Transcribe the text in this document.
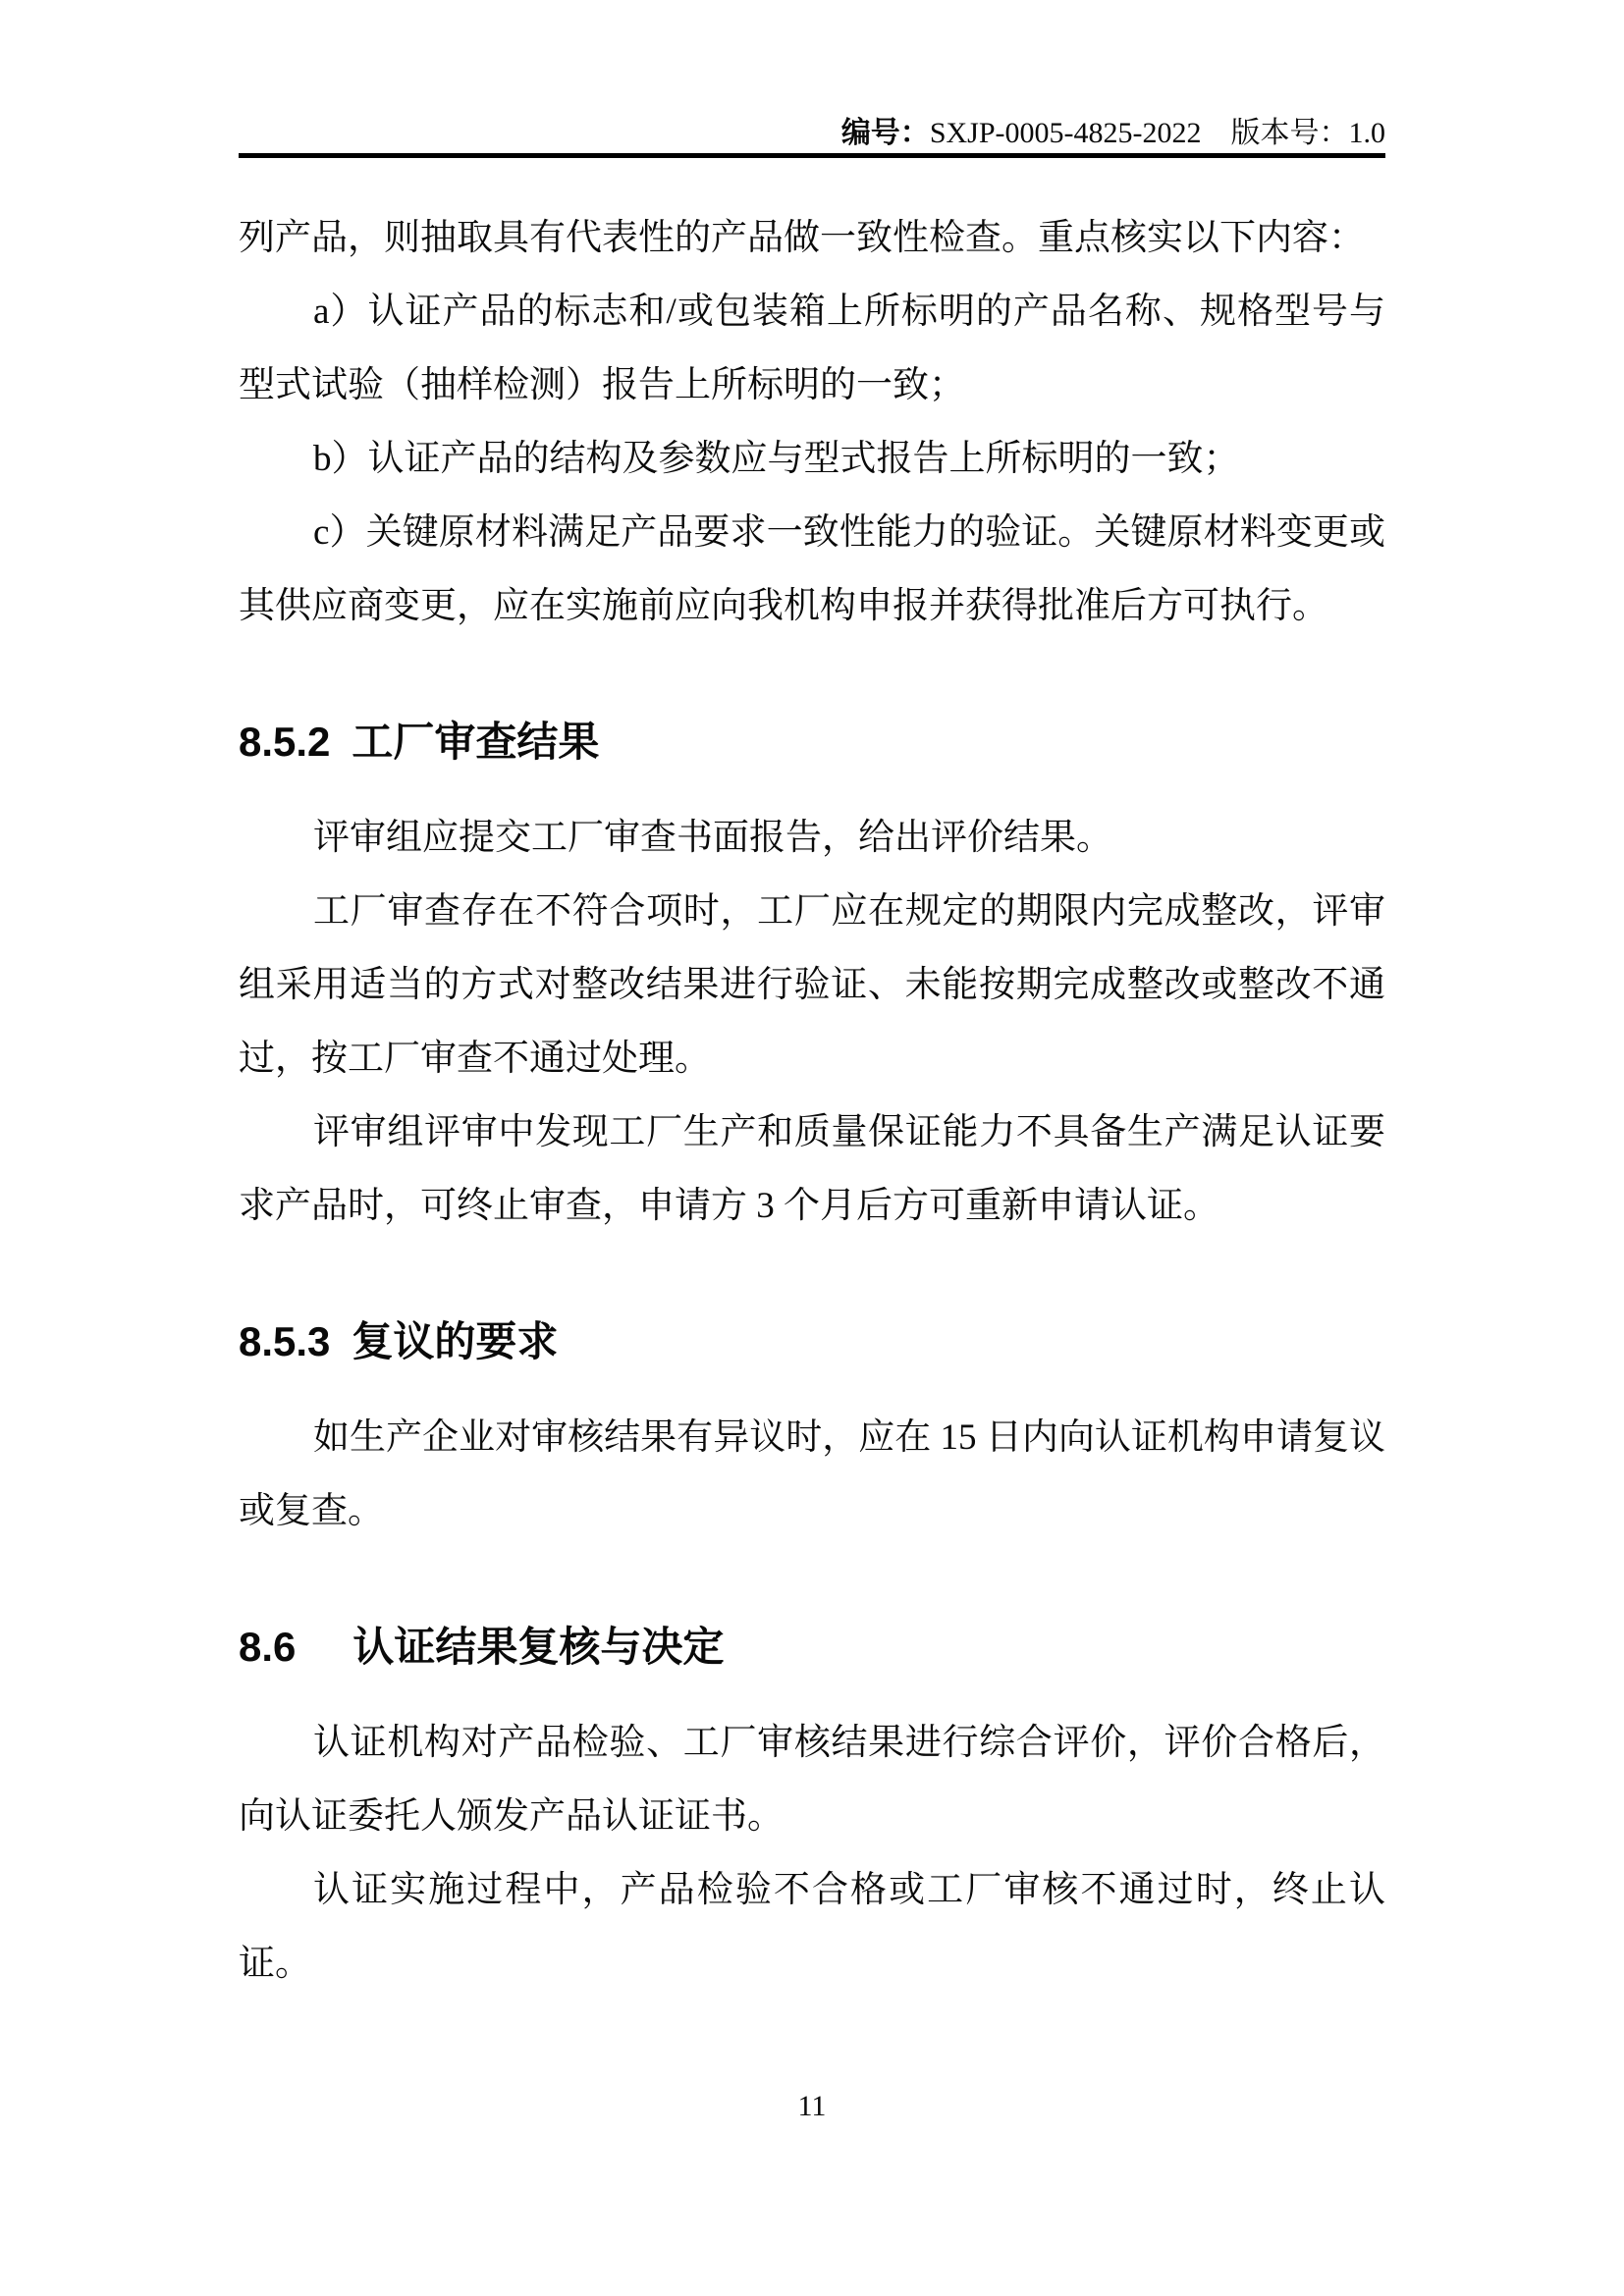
编号：SXJP-0005-4825-2022 版本号：1.0

列产品，则抽取具有代表性的产品做一致性检查。重点核实以下内容：

a）认证产品的标志和/或包装箱上所标明的产品名称、规格型号与型式试验（抽样检测）报告上所标明的一致；

b）认证产品的结构及参数应与型式报告上所标明的一致；

c）关键原材料满足产品要求一致性能力的验证。关键原材料变更或其供应商变更，应在实施前应向我机构申报并获得批准后方可执行。

8.5.2 工厂审查结果

评审组应提交工厂审查书面报告，给出评价结果。

工厂审查存在不符合项时，工厂应在规定的期限内完成整改，评审组采用适当的方式对整改结果进行验证、未能按期完成整改或整改不通过，按工厂审查不通过处理。

评审组评审中发现工厂生产和质量保证能力不具备生产满足认证要求产品时，可终止审查，申请方 3 个月后方可重新申请认证。

8.5.3 复议的要求

如生产企业对审核结果有异议时，应在 15 日内向认证机构申请复议或复查。

8.6 认证结果复核与决定

认证机构对产品检验、工厂审核结果进行综合评价，评价合格后，向认证委托人颁发产品认证证书。

认证实施过程中，产品检验不合格或工厂审核不通过时，终止认证。

11
